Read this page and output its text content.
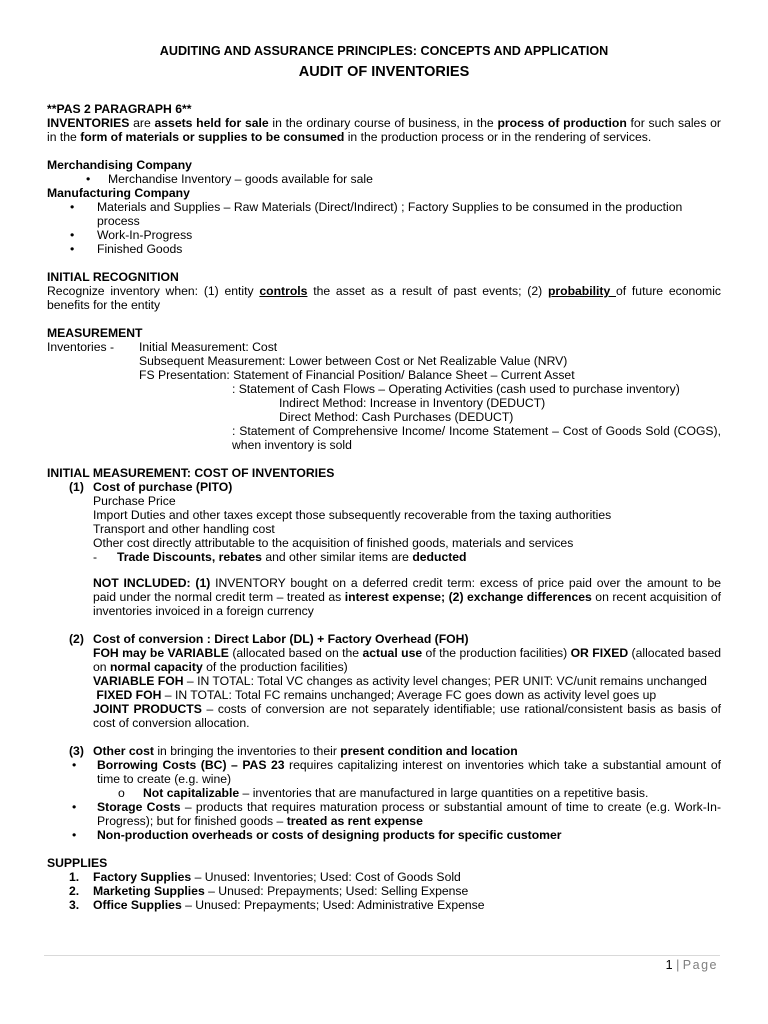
AUDITING AND ASSURANCE PRINCIPLES: CONCEPTS AND APPLICATION
AUDIT OF INVENTORIES

**PAS 2 PARAGRAPH 6**

INVENTORIES are assets held for sale in the ordinary course of business, in the process of production for such sales or in the form of materials or supplies to be consumed in the production process or in the rendering of services.

Merchandising Company

•	Merchandise Inventory – goods available for sale

Manufacturing Company

•	Materials and Supplies – Raw Materials (Direct/Indirect) ; Factory Supplies to be consumed in the production process
•	Work-In-Progress
•	Finished Goods

INITIAL RECOGNITION

Recognize inventory when: (1) entity controls the asset as a result of past events; (2) probability of future economic benefits for the entity

MEASUREMENT

Inventories -	Initial Measurement: Cost

Subsequent Measurement: Lower between Cost or Net Realizable Value (NRV)

FS Presentation: Statement of Financial Position/ Balance Sheet – Current Asset

: Statement of Cash Flows – Operating Activities (cash used to purchase inventory)

Indirect Method: Increase in Inventory (DEDUCT)

Direct Method: Cash Purchases (DEDUCT)

: Statement of Comprehensive Income/ Income Statement – Cost of Goods Sold (COGS), when inventory is sold

INITIAL MEASUREMENT: COST OF INVENTORIES

(1) Cost of purchase (PITO)

Purchase Price

Import Duties and other taxes except those subsequently recoverable from the taxing authorities

Transport and other handling cost

Other cost directly attributable to the acquisition of finished goods, materials and services

-	Trade Discounts, rebates and other similar items are deducted

NOT INCLUDED: (1) INVENTORY bought on a deferred credit term: excess of price paid over the amount to be paid under the normal credit term – treated as interest expense; (2) exchange differences on recent acquisition of inventories invoiced in a foreign currency

(2) Cost of conversion : Direct Labor (DL) + Factory Overhead (FOH)

FOH may be VARIABLE (allocated based on the actual use of the production facilities) OR FIXED (allocated based on normal capacity of the production facilities)

VARIABLE FOH – IN TOTAL: Total VC changes as activity level changes; PER UNIT: VC/unit remains unchanged

FIXED FOH – IN TOTAL: Total FC remains unchanged; Average FC goes down as activity level goes up

JOINT PRODUCTS – costs of conversion are not separately identifiable; use rational/consistent basis as basis of cost of conversion allocation.

(3) Other cost in bringing the inventories to their present condition and location
•	Borrowing Costs (BC) – PAS 23 requires capitalizing interest on inventories which take a substantial amount of time to create (e.g. wine)
o	Not capitalizable – inventories that are manufactured in large quantities on a repetitive basis.
•	Storage Costs – products that requires maturation process or substantial amount of time to create (e.g. Work-In-Progress); but for finished goods – treated as rent expense
•	Non-production overheads or costs of designing products for specific customer

SUPPLIES

1.	Factory Supplies – Unused: Inventories; Used: Cost of Goods Sold
2.	Marketing Supplies – Unused: Prepayments; Used: Selling Expense
3.	Office Supplies – Unused: Prepayments; Used: Administrative Expense
1 | Page
